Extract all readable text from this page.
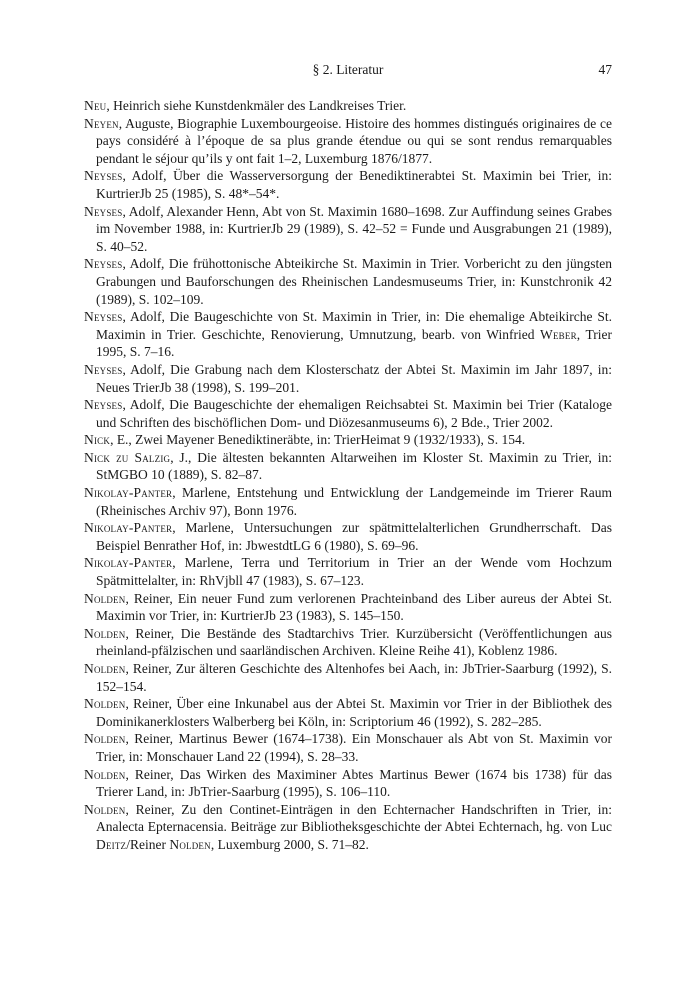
§ 2. Literatur	47

Neu, Heinrich siehe Kunstdenkmäler des Landkreises Trier.

Neyen, Auguste, Biographie Luxembourgeoise. Histoire des hommes distingués originaires de ce pays considéré à l’époque de sa plus grande étendue ou qui se sont rendus remarquables pendant le séjour qu’ils y ont fait 1–2, Luxemburg 1876/1877.

Neyses, Adolf, Über die Wasserversorgung der Benediktinerabtei St. Maximin bei Trier, in: KurtrierJb 25 (1985), S. 48*–54*.

Neyses, Adolf, Alexander Henn, Abt von St. Maximin 1680–1698. Zur Auffindung seines Grabes im November 1988, in: KurtrierJb 29 (1989), S. 42–52 = Funde und Ausgrabungen 21 (1989), S. 40–52.

Neyses, Adolf, Die frühottonische Abteikirche St. Maximin in Trier. Vorbericht zu den jüngsten Grabungen und Bauforschungen des Rheinischen Landesmuseums Trier, in: Kunstchronik 42 (1989), S. 102–109.

Neyses, Adolf, Die Baugeschichte von St. Maximin in Trier, in: Die ehemalige Abteikirche St. Maximin in Trier. Geschichte, Renovierung, Umnutzung, bearb. von Winfried Weber, Trier 1995, S. 7–16.

Neyses, Adolf, Die Grabung nach dem Klosterschatz der Abtei St. Maximin im Jahr 1897, in: Neues TrierJb 38 (1998), S. 199–201.

Neyses, Adolf, Die Baugeschichte der ehemaligen Reichsabtei St. Maximin bei Trier (Kataloge und Schriften des bischöflichen Dom- und Diözesanmuseums 6), 2 Bde., Trier 2002.

Nick, E., Zwei Mayener Benediktineräbte, in: TrierHeimat 9 (1932/1933), S. 154.

Nick zu Salzig, J., Die ältesten bekannten Altarweihen im Kloster St. Maximin zu Trier, in: StMGBO 10 (1889), S. 82–87.

Nikolay-Panter, Marlene, Entstehung und Entwicklung der Landgemeinde im Trierer Raum (Rheinisches Archiv 97), Bonn 1976.

Nikolay-Panter, Marlene, Untersuchungen zur spätmittelalterlichen Grundherrschaft. Das Beispiel Benrather Hof, in: JbwestdtLG 6 (1980), S. 69–96.

Nikolay-Panter, Marlene, Terra und Territorium in Trier an der Wende vom Hochzum Spätmittelalter, in: RhVjbll 47 (1983), S. 67–123.

Nolden, Reiner, Ein neuer Fund zum verlorenen Prachteinband des Liber aureus der Abtei St. Maximin vor Trier, in: KurtrierJb 23 (1983), S. 145–150.

Nolden, Reiner, Die Bestände des Stadtarchivs Trier. Kurzübersicht (Veröffentlichungen aus rheinland-pfälzischen und saarländischen Archiven. Kleine Reihe 41), Koblenz 1986.

Nolden, Reiner, Zur älteren Geschichte des Altenhofes bei Aach, in: JbTrier-Saarburg (1992), S. 152–154.

Nolden, Reiner, Über eine Inkunabel aus der Abtei St. Maximin vor Trier in der Bibliothek des Dominikanerklosters Walberberg bei Köln, in: Scriptorium 46 (1992), S. 282–285.

Nolden, Reiner, Martinus Bewer (1674–1738). Ein Monschauer als Abt von St. Maximin vor Trier, in: Monschauer Land 22 (1994), S. 28–33.

Nolden, Reiner, Das Wirken des Maximiner Abtes Martinus Bewer (1674 bis 1738) für das Trierer Land, in: JbTrier-Saarburg (1995), S. 106–110.

Nolden, Reiner, Zu den Continet-Einträgen in den Echternacher Handschriften in Trier, in: Analecta Epternacensia. Beiträge zur Bibliotheksgeschichte der Abtei Echternach, hg. von Luc Deitz/Reiner Nolden, Luxemburg 2000, S. 71–82.
